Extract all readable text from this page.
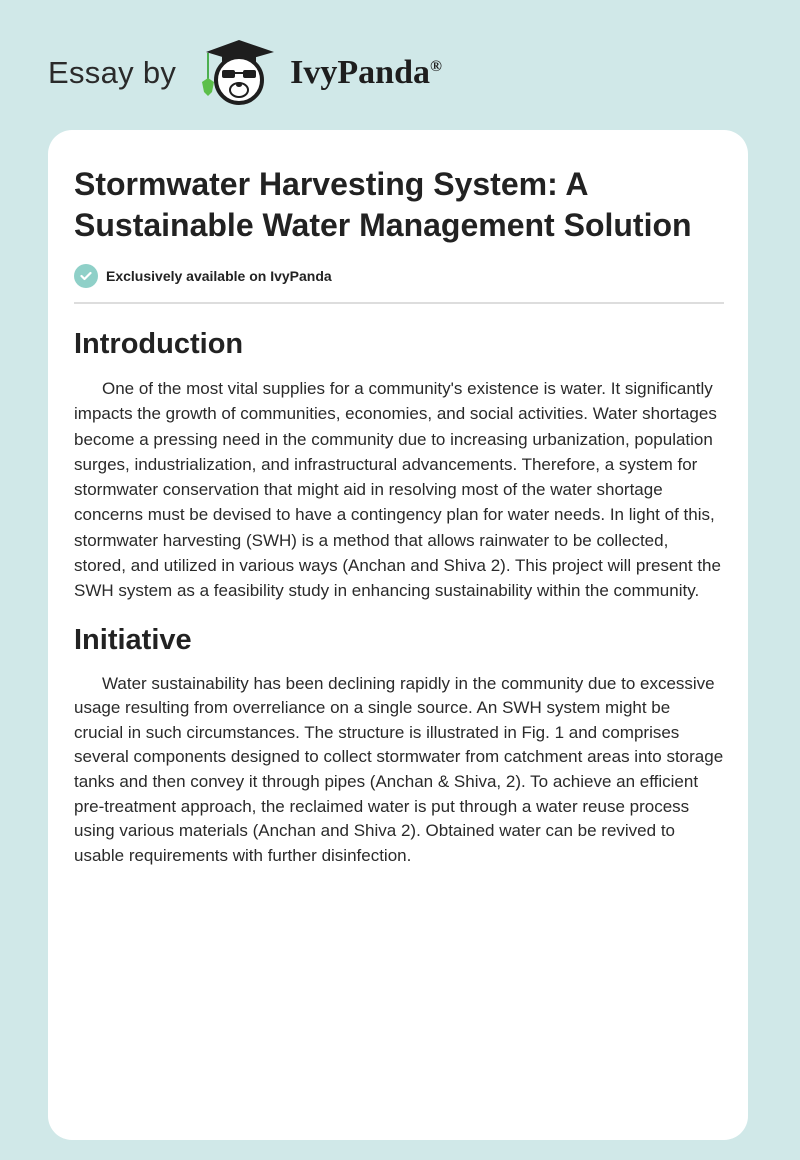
Essay by	IvyPanda®
Stormwater Harvesting System: A Sustainable Water Management Solution
Exclusively available on IvyPanda
Introduction

One of the most vital supplies for a community's existence is water. It significantly impacts the growth of communities, economies, and social activities. Water shortages become a pressing need in the community due to increasing urbanization, population surges, industrialization, and infrastructural advancements. Therefore, a system for stormwater conservation that might aid in resolving most of the water shortage concerns must be devised to have a contingency plan for water needs. In light of this, stormwater harvesting (SWH) is a method that allows rainwater to be collected, stored, and utilized in various ways (Anchan and Shiva 2). This project will present the SWH system as a feasibility study in enhancing sustainability within the community.

Initiative

Water sustainability has been declining rapidly in the community due to excessive usage resulting from overreliance on a single source. An SWH system might be crucial in such circumstances. The structure is illustrated in Fig. 1 and comprises several components designed to collect stormwater from catchment areas into storage tanks and then convey it through pipes (Anchan & Shiva, 2). To achieve an efficient pre-treatment approach, the reclaimed water is put through a water reuse process using various materials (Anchan and Shiva 2). Obtained water can be revived to usable requirements with further disinfection.
